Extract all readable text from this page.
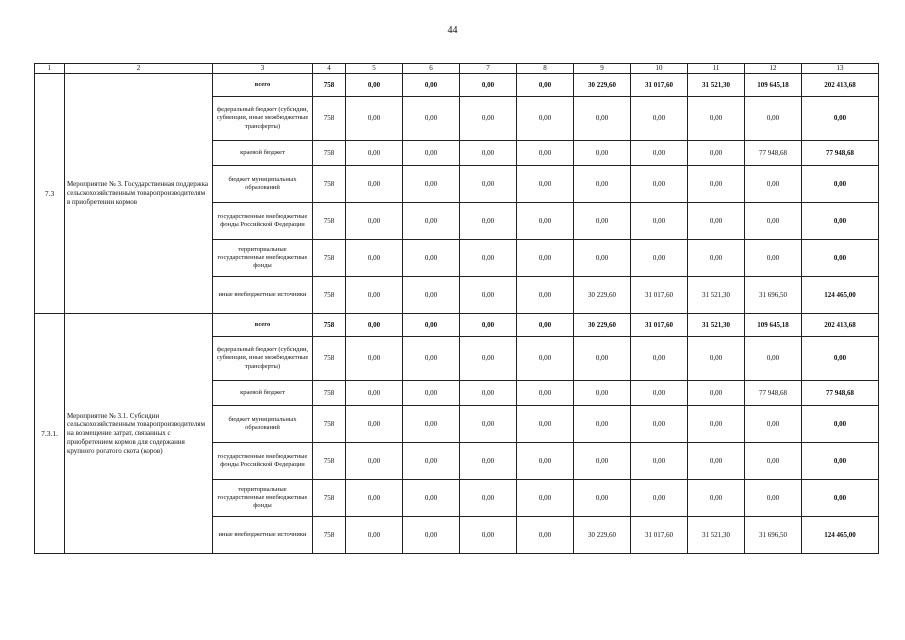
44
1	2	3	4	5	6	7	8	9	10	11	12	13
7.3	Мероприятие № 3. Государственная поддержка сельскохозяйственным товаропроизводителям в приобретении кормов	всего	758	0,00	0,00	0,00	0,00	30 229,60	31 017,60	31 521,30	109 645,18	202 413,68
		федеральный бюджет (субсидии, субвенции, иные межбюджетные трансферты)	758	0,00	0,00	0,00	0,00	0,00	0,00	0,00	0,00	0,00
		краевой бюджет	758	0,00	0,00	0,00	0,00	0,00	0,00	0,00	77 948,68	77 948,68
		бюджет муниципальных образований	758	0,00	0,00	0,00	0,00	0,00	0,00	0,00	0,00	0,00
		государственные внебюджетные фонды Российской Федерации	758	0,00	0,00	0,00	0,00	0,00	0,00	0,00	0,00	0,00
		территориальные государственные внебюджетные фонды	758	0,00	0,00	0,00	0,00	0,00	0,00	0,00	0,00	0,00
		иные внебюджетные источники	758	0,00	0,00	0,00	0,00	30 229,60	31 017,60	31 521,30	31 696,50	124 465,00
7.3.1.	Мероприятие № 3.1. Субсидии сельскохозяйственным товаропроизводителям на возмещение затрат, связанных с приобретением кормов для содержания крупного рогатого скота (коров)	всего	758	0,00	0,00	0,00	0,00	30 229,60	31 017,60	31 521,30	109 645,18	202 413,68
		федеральный бюджет (субсидии, субвенции, иные межбюджетные трансферты)	758	0,00	0,00	0,00	0,00	0,00	0,00	0,00	0,00	0,00
		краевой бюджет	758	0,00	0,00	0,00	0,00	0,00	0,00	0,00	77 948,68	77 948,68
		бюджет муниципальных образований	758	0,00	0,00	0,00	0,00	0,00	0,00	0,00	0,00	0,00
		государственные внебюджетные фонды Российской Федерации	758	0,00	0,00	0,00	0,00	0,00	0,00	0,00	0,00	0,00
		территориальные государственные внебюджетные фонды	758	0,00	0,00	0,00	0,00	0,00	0,00	0,00	0,00	0,00
		иные внебюджетные источники	758	0,00	0,00	0,00	0,00	30 229,60	31 017,60	31 521,30	31 696,50	124 465,00
